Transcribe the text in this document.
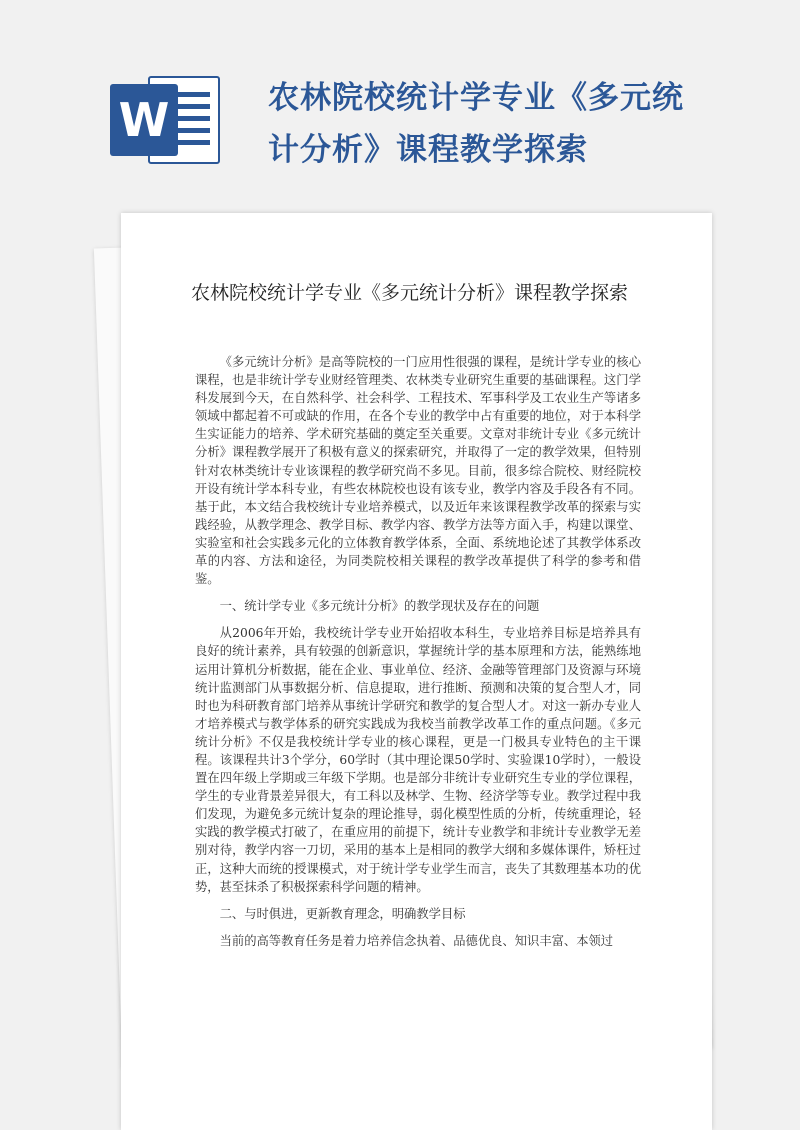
W	农林院校统计学专业《多元统计分析》课程教学探索
农林院校统计学专业《多元统计分析》课程教学探索

《多元统计分析》是高等院校的一门应用性很强的课程，是统计学专业的核心课程，也是非统计学专业财经管理类、农林类专业研究生重要的基础课程。这门学科发展到今天，在自然科学、社会科学、工程技术、军事科学及工农业生产等诸多领域中都起着不可或缺的作用，在各个专业的教学中占有重要的地位，对于本科学生实证能力的培养、学术研究基础的奠定至关重要。文章对非统计专业《多元统计分析》课程教学展开了积极有意义的探索研究，并取得了一定的教学效果，但特别针对农林类统计专业该课程的教学研究尚不多见。目前，很多综合院校、财经院校开设有统计学本科专业，有些农林院校也设有该专业，教学内容及手段各有不同。基于此，本文结合我校统计专业培养模式，以及近年来该课程教学改革的探索与实践经验，从教学理念、教学目标、教学内容、教学方法等方面入手，构建以课堂、实验室和社会实践多元化的立体教育教学体系，全面、系统地论述了其教学体系改革的内容、方法和途径，为同类院校相关课程的教学改革提供了科学的参考和借鉴。

一、统计学专业《多元统计分析》的教学现状及存在的问题

从2006年开始，我校统计学专业开始招收本科生，专业培养目标是培养具有良好的统计素养，具有较强的创新意识，掌握统计学的基本原理和方法，能熟练地运用计算机分析数据，能在企业、事业单位、经济、金融等管理部门及资源与环境统计监测部门从事数据分析、信息提取，进行推断、预测和决策的复合型人才，同时也为科研教育部门培养从事统计学研究和教学的复合型人才。对这一新办专业人才培养模式与教学体系的研究实践成为我校当前教学改革工作的重点问题。《多元统计分析》不仅是我校统计学专业的核心课程，更是一门极具专业特色的主干课程。该课程共计3个学分，60学时（其中理论课50学时、实验课10学时），一般设置在四年级上学期或三年级下学期。也是部分非统计专业研究生专业的学位课程，学生的专业背景差异很大，有工科以及林学、生物、经济学等专业。教学过程中我们发现，为避免多元统计复杂的理论推导，弱化模型性质的分析，传统重理论，轻实践的教学模式打破了，在重应用的前提下，统计专业教学和非统计专业教学无差别对待，教学内容一刀切，采用的基本上是相同的教学大纲和多媒体课件，矫枉过正，这种大而统的授课模式，对于统计学专业学生而言，丧失了其数理基本功的优势，甚至抹杀了积极探索科学问题的精神。

二、与时俱进，更新教育理念，明确教学目标

当前的高等教育任务是着力培养信念执着、品德优良、知识丰富、本领过
